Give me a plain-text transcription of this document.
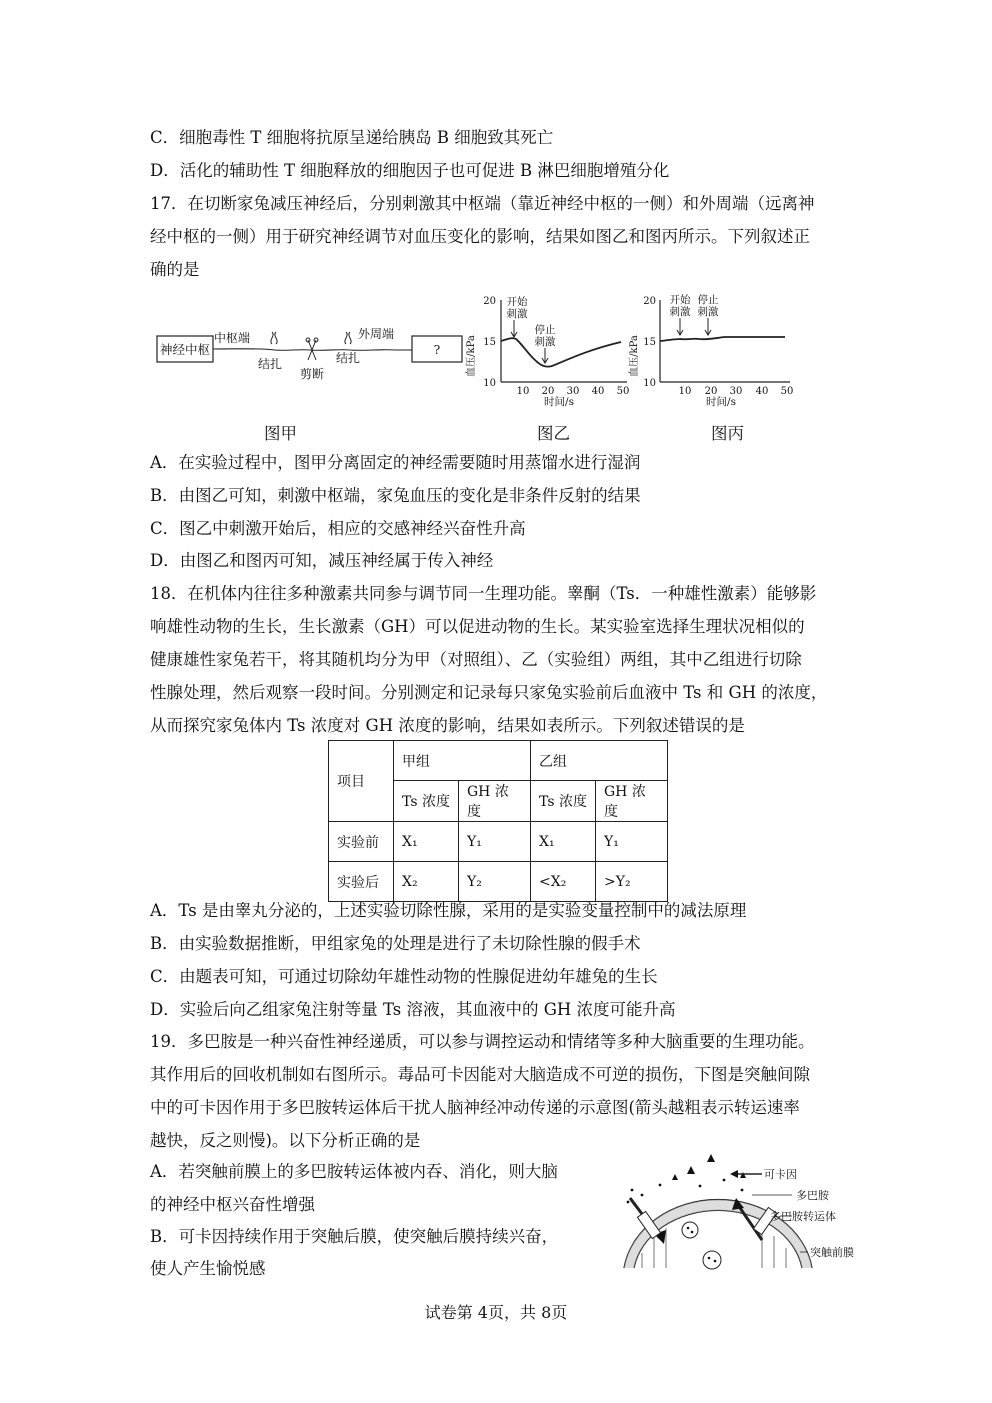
C．细胞毒性 T 细胞将抗原呈递给胰岛 B 细胞致其死亡
D．活化的辅助性 T 细胞释放的细胞因子也可促进 B 淋巴细胞增殖分化
17．在切断家兔减压神经后，分别刺激其中枢端（靠近神经中枢的一侧）和外周端（远离神
经中枢的一侧）用于研究神经调节对血压变化的影响，结果如图乙和图丙所示。下列叙述正
确的是
神经中枢	?
中枢端	外周端
结扎
剪断
结扎	血压/kPa
20
15
10
10 20 30 40 50
时间/s
开始
刺激
停止
刺激	血压/kPa
20
15
10
10 20 30 40 50
时间/s
开始
刺激
停止
刺激
图甲	图乙	图丙
A．在实验过程中，图甲分离固定的神经需要随时用蒸馏水进行湿润
B．由图乙可知，刺激中枢端，家兔血压的变化是非条件反射的结果
C．图乙中刺激开始后，相应的交感神经兴奋性升高
D．由图乙和图丙可知，减压神经属于传入神经
18．在机体内往往多种激素共同参与调节同一生理功能。睾酮（Ts．一种雄性激素）能够影
响雄性动物的生长，生长激素（GH）可以促进动物的生长。某实验室选择生理状况相似的
健康雄性家兔若干，将其随机均分为甲（对照组）、乙（实验组）两组，其中乙组进行切除
性腺处理，然后观察一段时间。分别测定和记录每只家兔实验前后血液中 Ts 和 GH 的浓度，
从而探究家兔体内 Ts 浓度对 GH 浓度的影响，结果如表所示。下列叙述错误的是
项目	甲组		乙组	
	Ts 浓度	GH 浓度	Ts 浓度	GH 浓度
实验前	X₁	Y₁	X₁	Y₁
实验后	X₂	Y₂	<X₂	>Y₂
A．Ts 是由睾丸分泌的，上述实验切除性腺，采用的是实验变量控制中的减法原理
B．由实验数据推断，甲组家兔的处理是进行了未切除性腺的假手术
C．由题表可知，可通过切除幼年雄性动物的性腺促进幼年雄兔的生长
D．实验后向乙组家兔注射等量 Ts 溶液，其血液中的 GH 浓度可能升高
19．多巴胺是一种兴奋性神经递质，可以参与调控运动和情绪等多种大脑重要的生理功能。
其作用后的回收机制如右图所示。毒品可卡因能对大脑造成不可逆的损伤，下图是突触间隙
中的可卡因作用于多巴胺转运体后干扰人脑神经冲动传递的示意图(箭头越粗表示转运速率
越快，反之则慢)。以下分析正确的是
A．若突触前膜上的多巴胺转运体被内吞、消化，则大脑
的神经中枢兴奋性增强
B．可卡因持续作用于突触后膜，使突触后膜持续兴奋，
使人产生愉悦感
可卡因
多巴胺
多巴胺转运体
突触前膜
试卷第 4页，共 8页
